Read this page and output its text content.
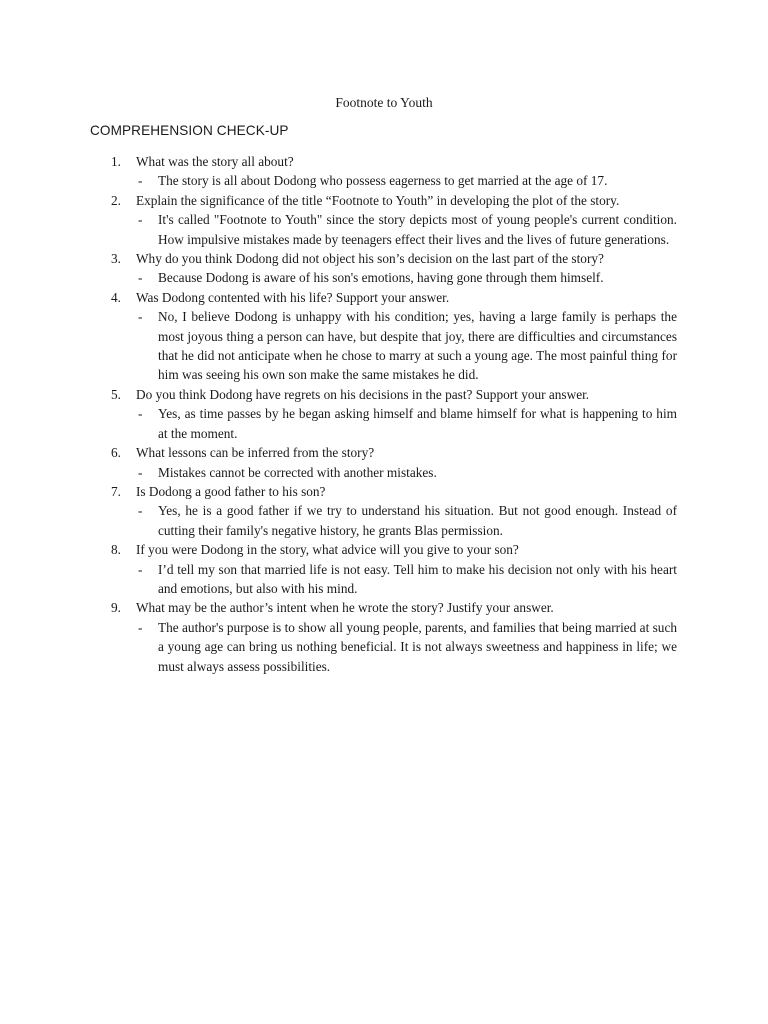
Footnote to Youth
COMPREHENSION CHECK-UP
1.	What was the story all about?
- The story is all about Dodong who possess eagerness to get married at the age of 17.
2.	Explain the significance of the title “Footnote to Youth” in developing the plot of the story.
- It's called "Footnote to Youth" since the story depicts most of young people's current condition. How impulsive mistakes made by teenagers effect their lives and the lives of future generations.
3.	Why do you think Dodong did not object his son’s decision on the last part of the story?
- Because Dodong is aware of his son's emotions, having gone through them himself.
4.	Was Dodong contented with his life? Support your answer.
- No, I believe Dodong is unhappy with his condition; yes, having a large family is perhaps the most joyous thing a person can have, but despite that joy, there are difficulties and circumstances that he did not anticipate when he chose to marry at such a young age. The most painful thing for him was seeing his own son make the same mistakes he did.
5.	Do you think Dodong have regrets on his decisions in the past? Support your answer.
- Yes, as time passes by he began asking himself and blame himself for what is happening to him at the moment.
6.	What lessons can be inferred from the story?
- Mistakes cannot be corrected with another mistakes.
7.	Is Dodong a good father to his son?
- Yes, he is a good father if we try to understand his situation. But not good enough. Instead of cutting their family's negative history, he grants Blas permission.
8.	If you were Dodong in the story, what advice will you give to your son?
- I’d tell my son that married life is not easy. Tell him to make his decision not only with his heart and emotions, but also with his mind.
9.	What may be the author’s intent when he wrote the story? Justify your answer.
- The author's purpose is to show all young people, parents, and families that being married at such a young age can bring us nothing beneficial. It is not always sweetness and happiness in life; we must always assess possibilities.
